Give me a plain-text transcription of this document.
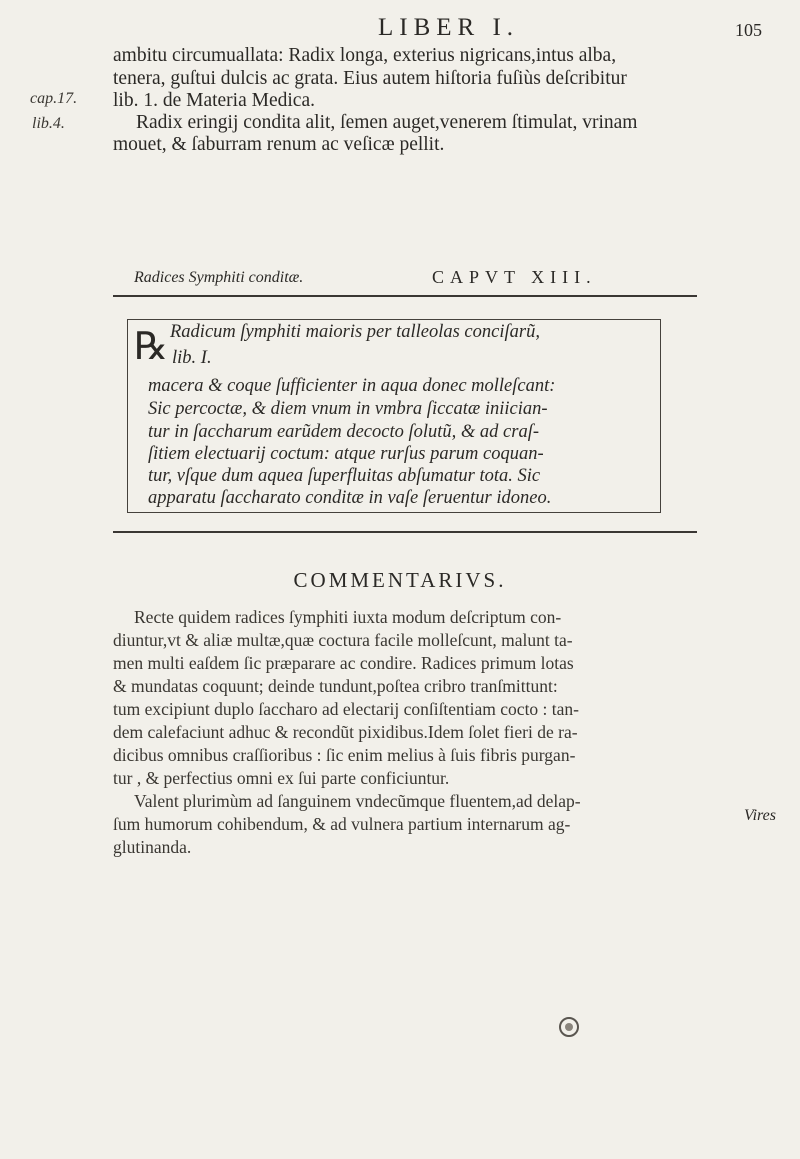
LIBER I.	105
cap.17.
lib.4.
ambitu circumuallata: Radix longa, exterius nigricans,intus alba,
tenera, guſtui dulcis ac grata. Eius autem hiſtoria fuſiùs deſcribitur
lib. 1. de Materia Medica.
Radix eringij condita alit, ſemen auget,venerem ſtimulat, vrinam
mouet, & ſaburram renum ac veſicæ pellit.
Radices Symphiti conditæ.	CAPVT XIII.
℞ Radicum ſymphiti maioris per talleolas conciſarũ,
lib. I.
macera & coque ſufficienter in aqua donec molleſcant:
Sic percoctæ, & diem vnum in vmbra ſiccatæ iniician-
tur in ſaccharum earũdem decocto ſolutũ, & ad craſ-
ſitiem electuarij coctum: atque rurſus parum coquan-
tur, vſque dum aquea ſuperfluitas abſumatur tota. Sic
apparatu ſaccharato conditæ in vaſe ſeruentur idoneo.
COMMENTARIVS.
Recte quidem radices ſymphiti iuxta modum deſcriptum con-
diuntur,vt & aliæ multæ,quæ coctura facile molleſcunt, malunt ta-
men multi eaſdem ſic præparare ac condire. Radices primum lotas
& mundatas coquunt; deinde tundunt,poſtea cribro tranſmittunt:
tum excipiunt duplo ſaccharo ad electarij conſiſtentiam cocto : tan-
dem calefaciunt adhuc & recondũt pixidibus.Idem ſolet fieri de ra-
dicibus omnibus craſſioribus : ſic enim melius à ſuis fibris purgan-
tur , & perfectius omni ex ſui parte conficiuntur.
Valent plurimùm ad ſanguinem vndecũmque fluentem,ad delap-
ſum humorum cohibendum, & ad vulnera partium internarum ag-
glutinanda.
Vires
